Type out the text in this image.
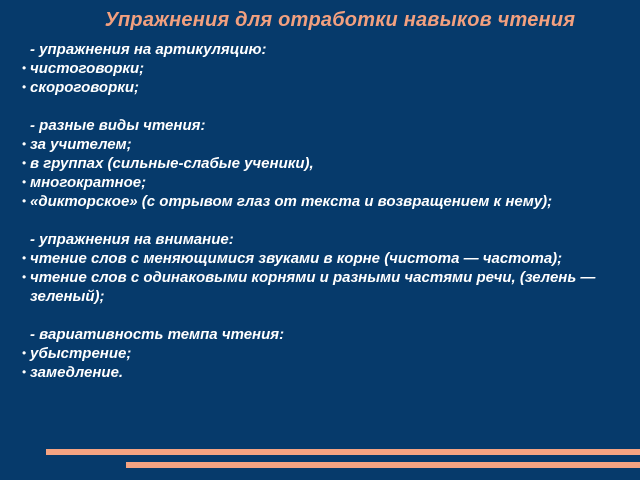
Упражнения для отработки навыков чтения
- упражнения на артикуляцию:
• чистоговорки;
• скороговорки;
- разные виды чтения:
• за учителем;
• в группах (сильные-слабые ученики),
• многократное;
• «дикторское» (с отрывом глаз от текста и возвращением к нему);
- упражнения на внимание:
• чтение слов с меняющимися звуками в корне (чистота — частота);
• чтение слов с одинаковыми корнями и разными частями речи, (зелень — зеленый);
- вариативность темпа чтения:
• убыстрение;
• замедление.
